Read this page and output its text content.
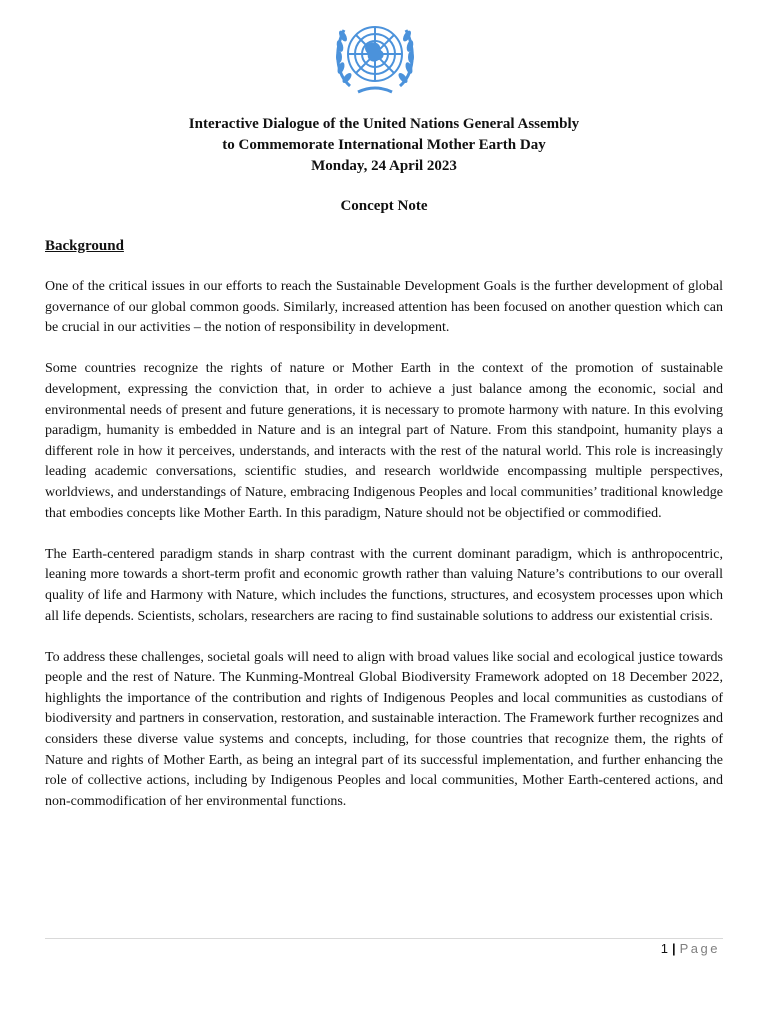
Interactive Dialogue of the United Nations General Assembly
to Commemorate International Mother Earth Day
Monday, 24 April 2023
Concept Note
Background

One of the critical issues in our efforts to reach the Sustainable Development Goals is the further development of global governance of our global common goods. Similarly, increased attention has been focused on another question which can be crucial in our activities – the notion of responsibility in development.

Some countries recognize the rights of nature or Mother Earth in the context of the promotion of sustainable development, expressing the conviction that, in order to achieve a just balance among the economic, social and environmental needs of present and future generations, it is necessary to promote harmony with nature. In this evolving paradigm, humanity is embedded in Nature and is an integral part of Nature. From this standpoint, humanity plays a different role in how it perceives, understands, and interacts with the rest of the natural world. This role is increasingly leading academic conversations, scientific studies, and research worldwide encompassing multiple perspectives, worldviews, and understandings of Nature, embracing Indigenous Peoples and local communities’ traditional knowledge that embodies concepts like Mother Earth. In this paradigm, Nature should not be objectified or commodified.

The Earth-centered paradigm stands in sharp contrast with the current dominant paradigm, which is anthropocentric, leaning more towards a short-term profit and economic growth rather than valuing Nature’s contributions to our overall quality of life and Harmony with Nature, which includes the functions, structures, and ecosystem processes upon which all life depends. Scientists, scholars, researchers are racing to find sustainable solutions to address our existential crisis.

To address these challenges, societal goals will need to align with broad values like social and ecological justice towards people and the rest of Nature. The Kunming-Montreal Global Biodiversity Framework adopted on 18 December 2022, highlights the importance of the contribution and rights of Indigenous Peoples and local communities as custodians of biodiversity and partners in conservation, restoration, and sustainable interaction. The Framework further recognizes and considers these diverse value systems and concepts, including, for those countries that recognize them, the rights of Nature and rights of Mother Earth, as being an integral part of its successful implementation, and further enhancing the role of collective actions, including by Indigenous Peoples and local communities, Mother Earth-centered actions, and non-commodification of her environmental functions.

1 | Page
